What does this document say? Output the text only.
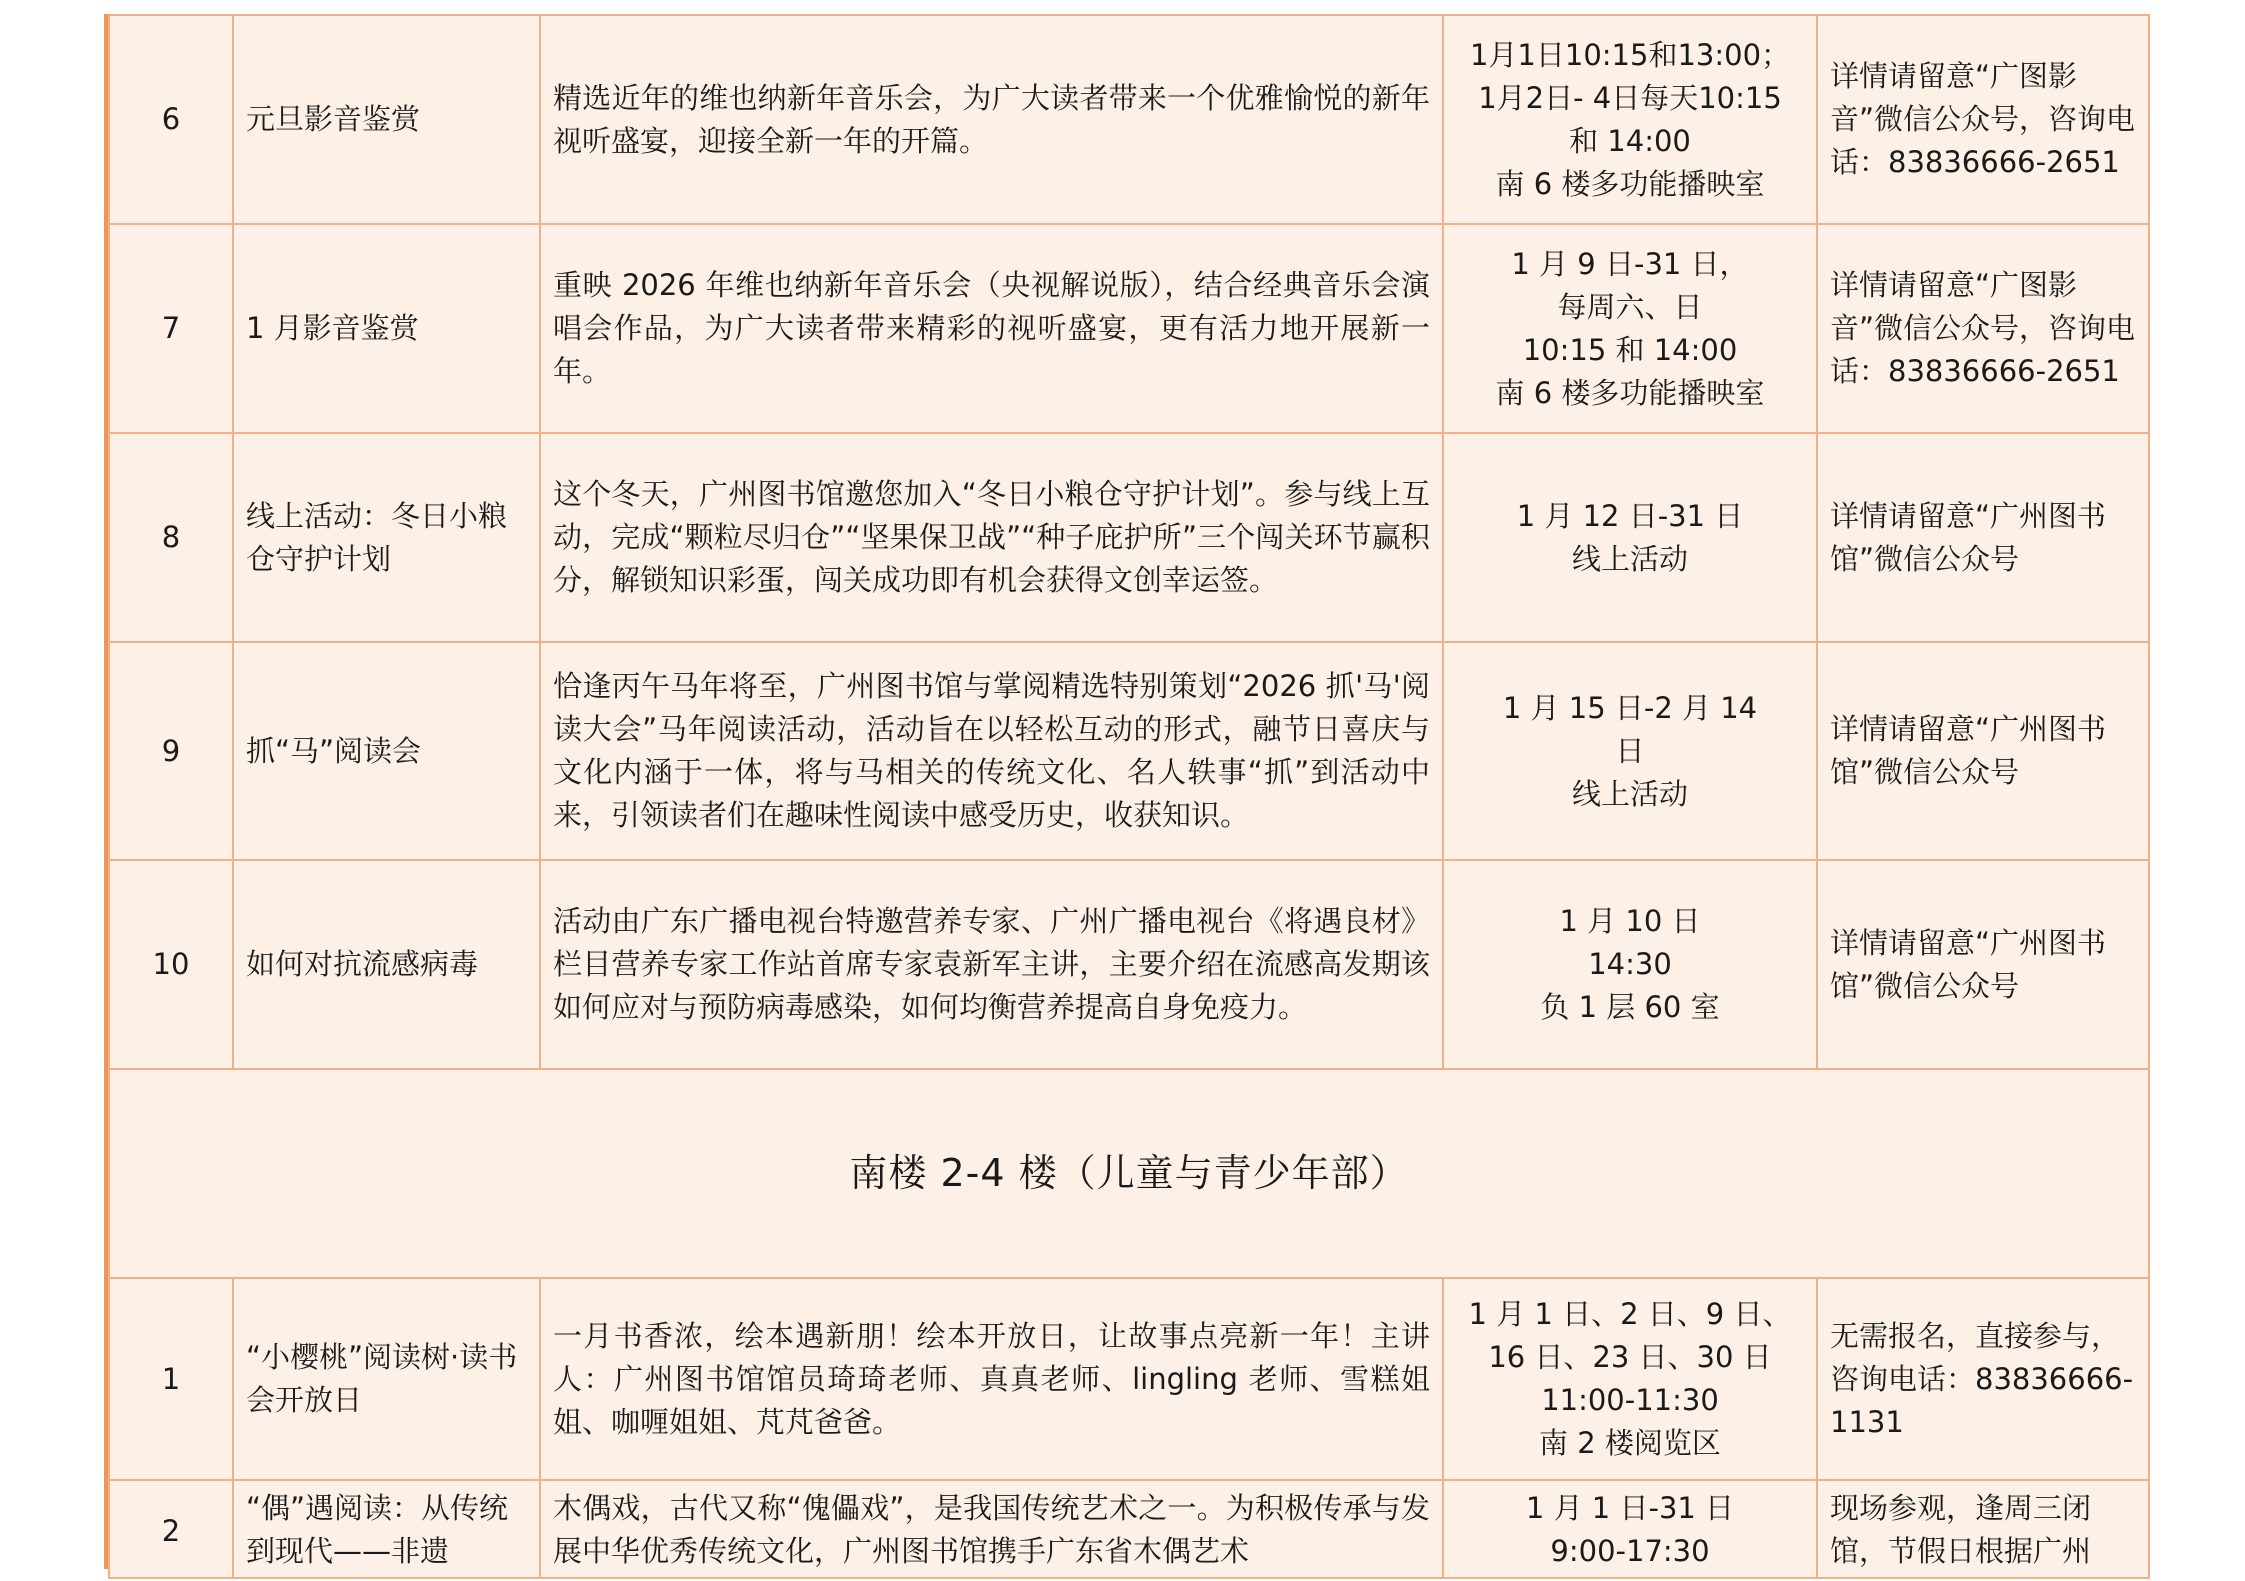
6	元旦影音鉴赏	精选近年的维也纳新年音乐会，为广大读者带来一个优雅愉悦的新年视听盛宴，迎接全新一年的开篇。	1月1日10:15和13:00；
1月2日- 4日每天10:15
和 14:00
南 6 楼多功能播映室	详情请留意“广图影音”微信公众号，咨询电话：83836666-2651
7	1 月影音鉴赏	重映 2026 年维也纳新年音乐会（央视解说版），结合经典音乐会演唱会作品，为广大读者带来精彩的视听盛宴，更有活力地开展新一年。	1 月 9 日-31 日，
每周六、日
10:15 和 14:00
南 6 楼多功能播映室	详情请留意“广图影音”微信公众号，咨询电话：83836666-2651
8	线上活动：冬日小粮仓守护计划	这个冬天，广州图书馆邀您加入“冬日小粮仓守护计划”。参与线上互动，完成“颗粒尽归仓”“坚果保卫战”“种子庇护所”三个闯关环节赢积分，解锁知识彩蛋，闯关成功即有机会获得文创幸运签。	1 月 12 日-31 日
线上活动	详情请留意“广州图书馆”微信公众号
9	抓“马”阅读会	恰逢丙午马年将至，广州图书馆与掌阅精选特别策划“2026 抓'马'阅读大会”马年阅读活动，活动旨在以轻松互动的形式，融节日喜庆与文化内涵于一体，将与马相关的传统文化、名人轶事“抓”到活动中来，引领读者们在趣味性阅读中感受历史，收获知识。	1 月 15 日-2 月 14
日
线上活动	详情请留意“广州图书馆”微信公众号
10	如何对抗流感病毒	活动由广东广播电视台特邀营养专家、广州广播电视台《将遇良材》栏目营养专家工作站首席专家袁新军主讲，主要介绍在流感高发期该如何应对与预防病毒感染，如何均衡营养提高自身免疫力。	1 月 10 日
14:30
负 1 层 60 室	详情请留意“广州图书馆”微信公众号
南楼 2-4 楼（儿童与青少年部）				
1	“小樱桃”阅读树·读书会开放日	一月书香浓，绘本遇新朋！绘本开放日，让故事点亮新一年！主讲人：广州图书馆馆员琦琦老师、真真老师、lingling 老师、雪糕姐姐、咖喱姐姐、芃芃爸爸。	1 月 1 日、2 日、9 日、
16 日、23 日、30 日
11:00-11:30
南 2 楼阅览区	无需报名，直接参与，咨询电话：83836666-1131
2	“偶”遇阅读：从传统到现代——非遗	木偶戏，古代又称“傀儡戏”，是我国传统艺术之一。为积极传承与发展中华优秀传统文化，广州图书馆携手广东省木偶艺术	1 月 1 日-31 日
9:00-17:30	现场参观，逢周三闭馆，节假日根据广州
